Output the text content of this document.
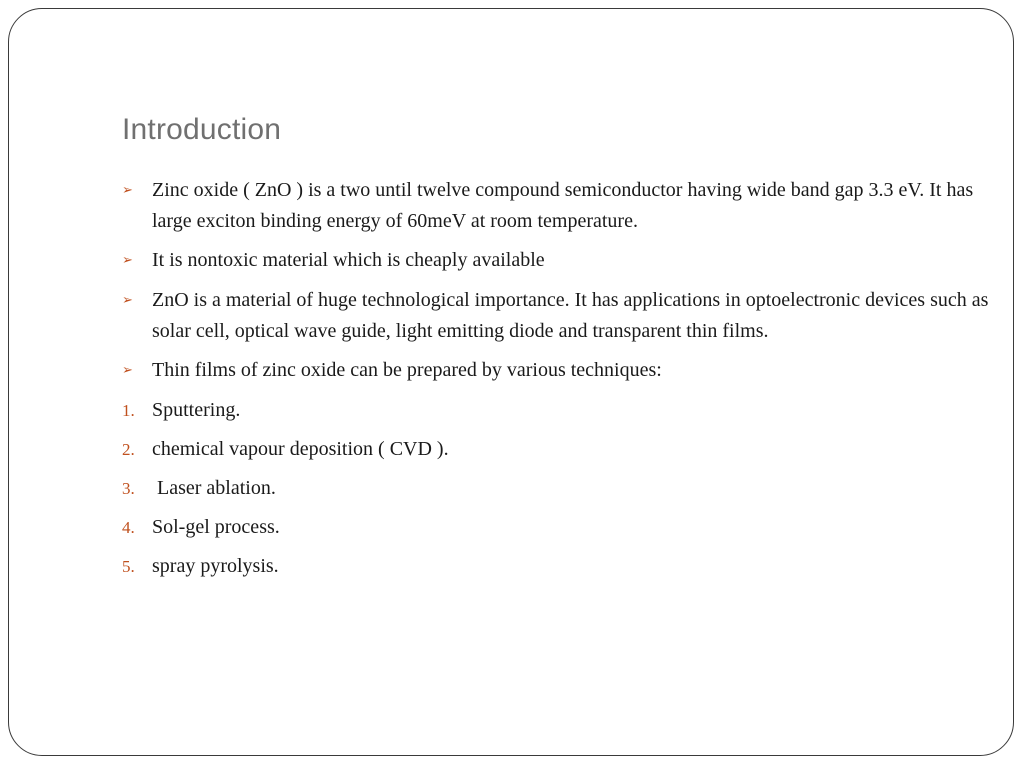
Introduction
➢ Zinc oxide ( ZnO ) is a two until twelve compound semiconductor having wide band gap 3.3 eV. It has large exciton binding energy of 60meV at room temperature.
➢ It is nontoxic material which is cheaply available
➢ ZnO is a material of huge technological importance. It has applications in optoelectronic devices such as solar cell, optical wave guide, light emitting diode and transparent thin films.
➢ Thin films of zinc oxide can be prepared by various techniques:
1. Sputtering.
2. chemical vapour deposition ( CVD ).
3. Laser ablation.
4. Sol-gel process.
5. spray pyrolysis.
